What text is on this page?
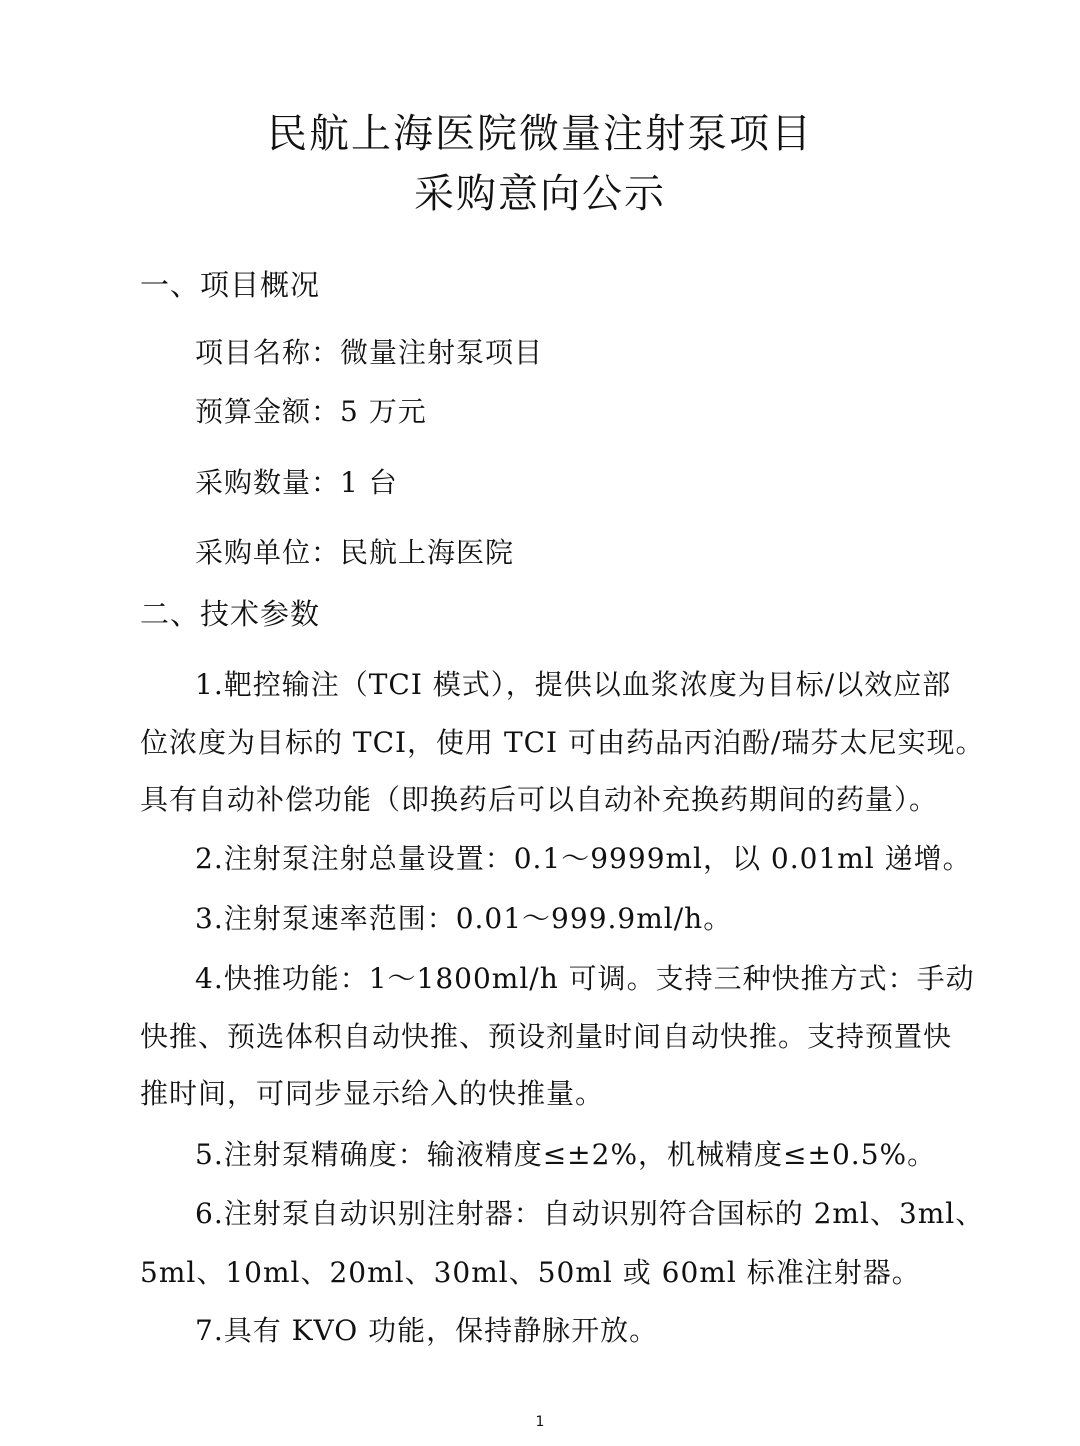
民航上海医院微量注射泵项目
采购意向公示
一、项目概况
项目名称：微量注射泵项目
预算金额：5 万元
采购数量：1 台
采购单位：民航上海医院
二、技术参数
1.靶控输注（TCI 模式），提供以血浆浓度为目标/以效应部
位浓度为目标的 TCI，使用 TCI 可由药品丙泊酚/瑞芬太尼实现。
具有自动补偿功能（即换药后可以自动补充换药期间的药量）。
2.注射泵注射总量设置：0.1～9999ml，以 0.01ml 递增。
3.注射泵速率范围：0.01～999.9ml/h。
4.快推功能：1～1800ml/h 可调。支持三种快推方式：手动
快推、预选体积自动快推、预设剂量时间自动快推。支持预置快
推时间，可同步显示给入的快推量。
5.注射泵精确度：输液精度≤±2%，机械精度≤±0.5%。
6.注射泵自动识别注射器：自动识别符合国标的 2ml、3ml、
5ml、10ml、20ml、30ml、50ml 或 60ml 标准注射器。
7.具有 KVO 功能，保持静脉开放。
1
